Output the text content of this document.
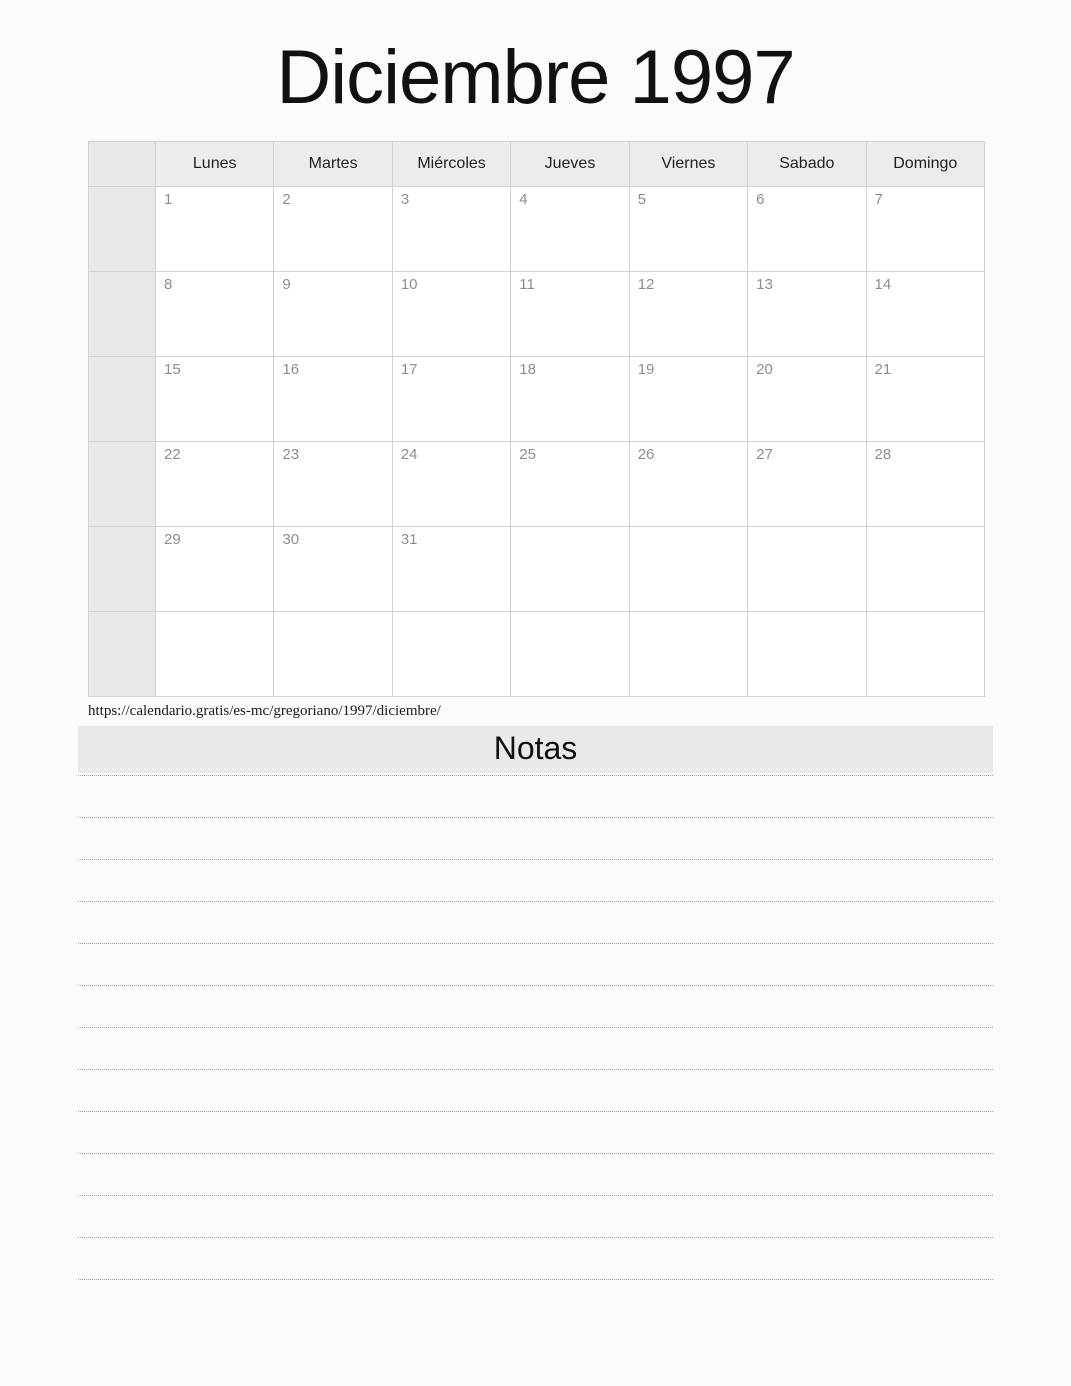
Diciembre 1997
	Lunes	Martes	Miércoles	Jueves	Viernes	Sabado	Domingo

	1	2	3	4	5	6	7

	8	9	10	11	12	13	14

	15	16	17	18	19	20	21

	22	23	24	25	26	27	28

	29	30	31				

https://calendario.gratis/es-mc/gregoriano/1997/diciembre/
Notas
